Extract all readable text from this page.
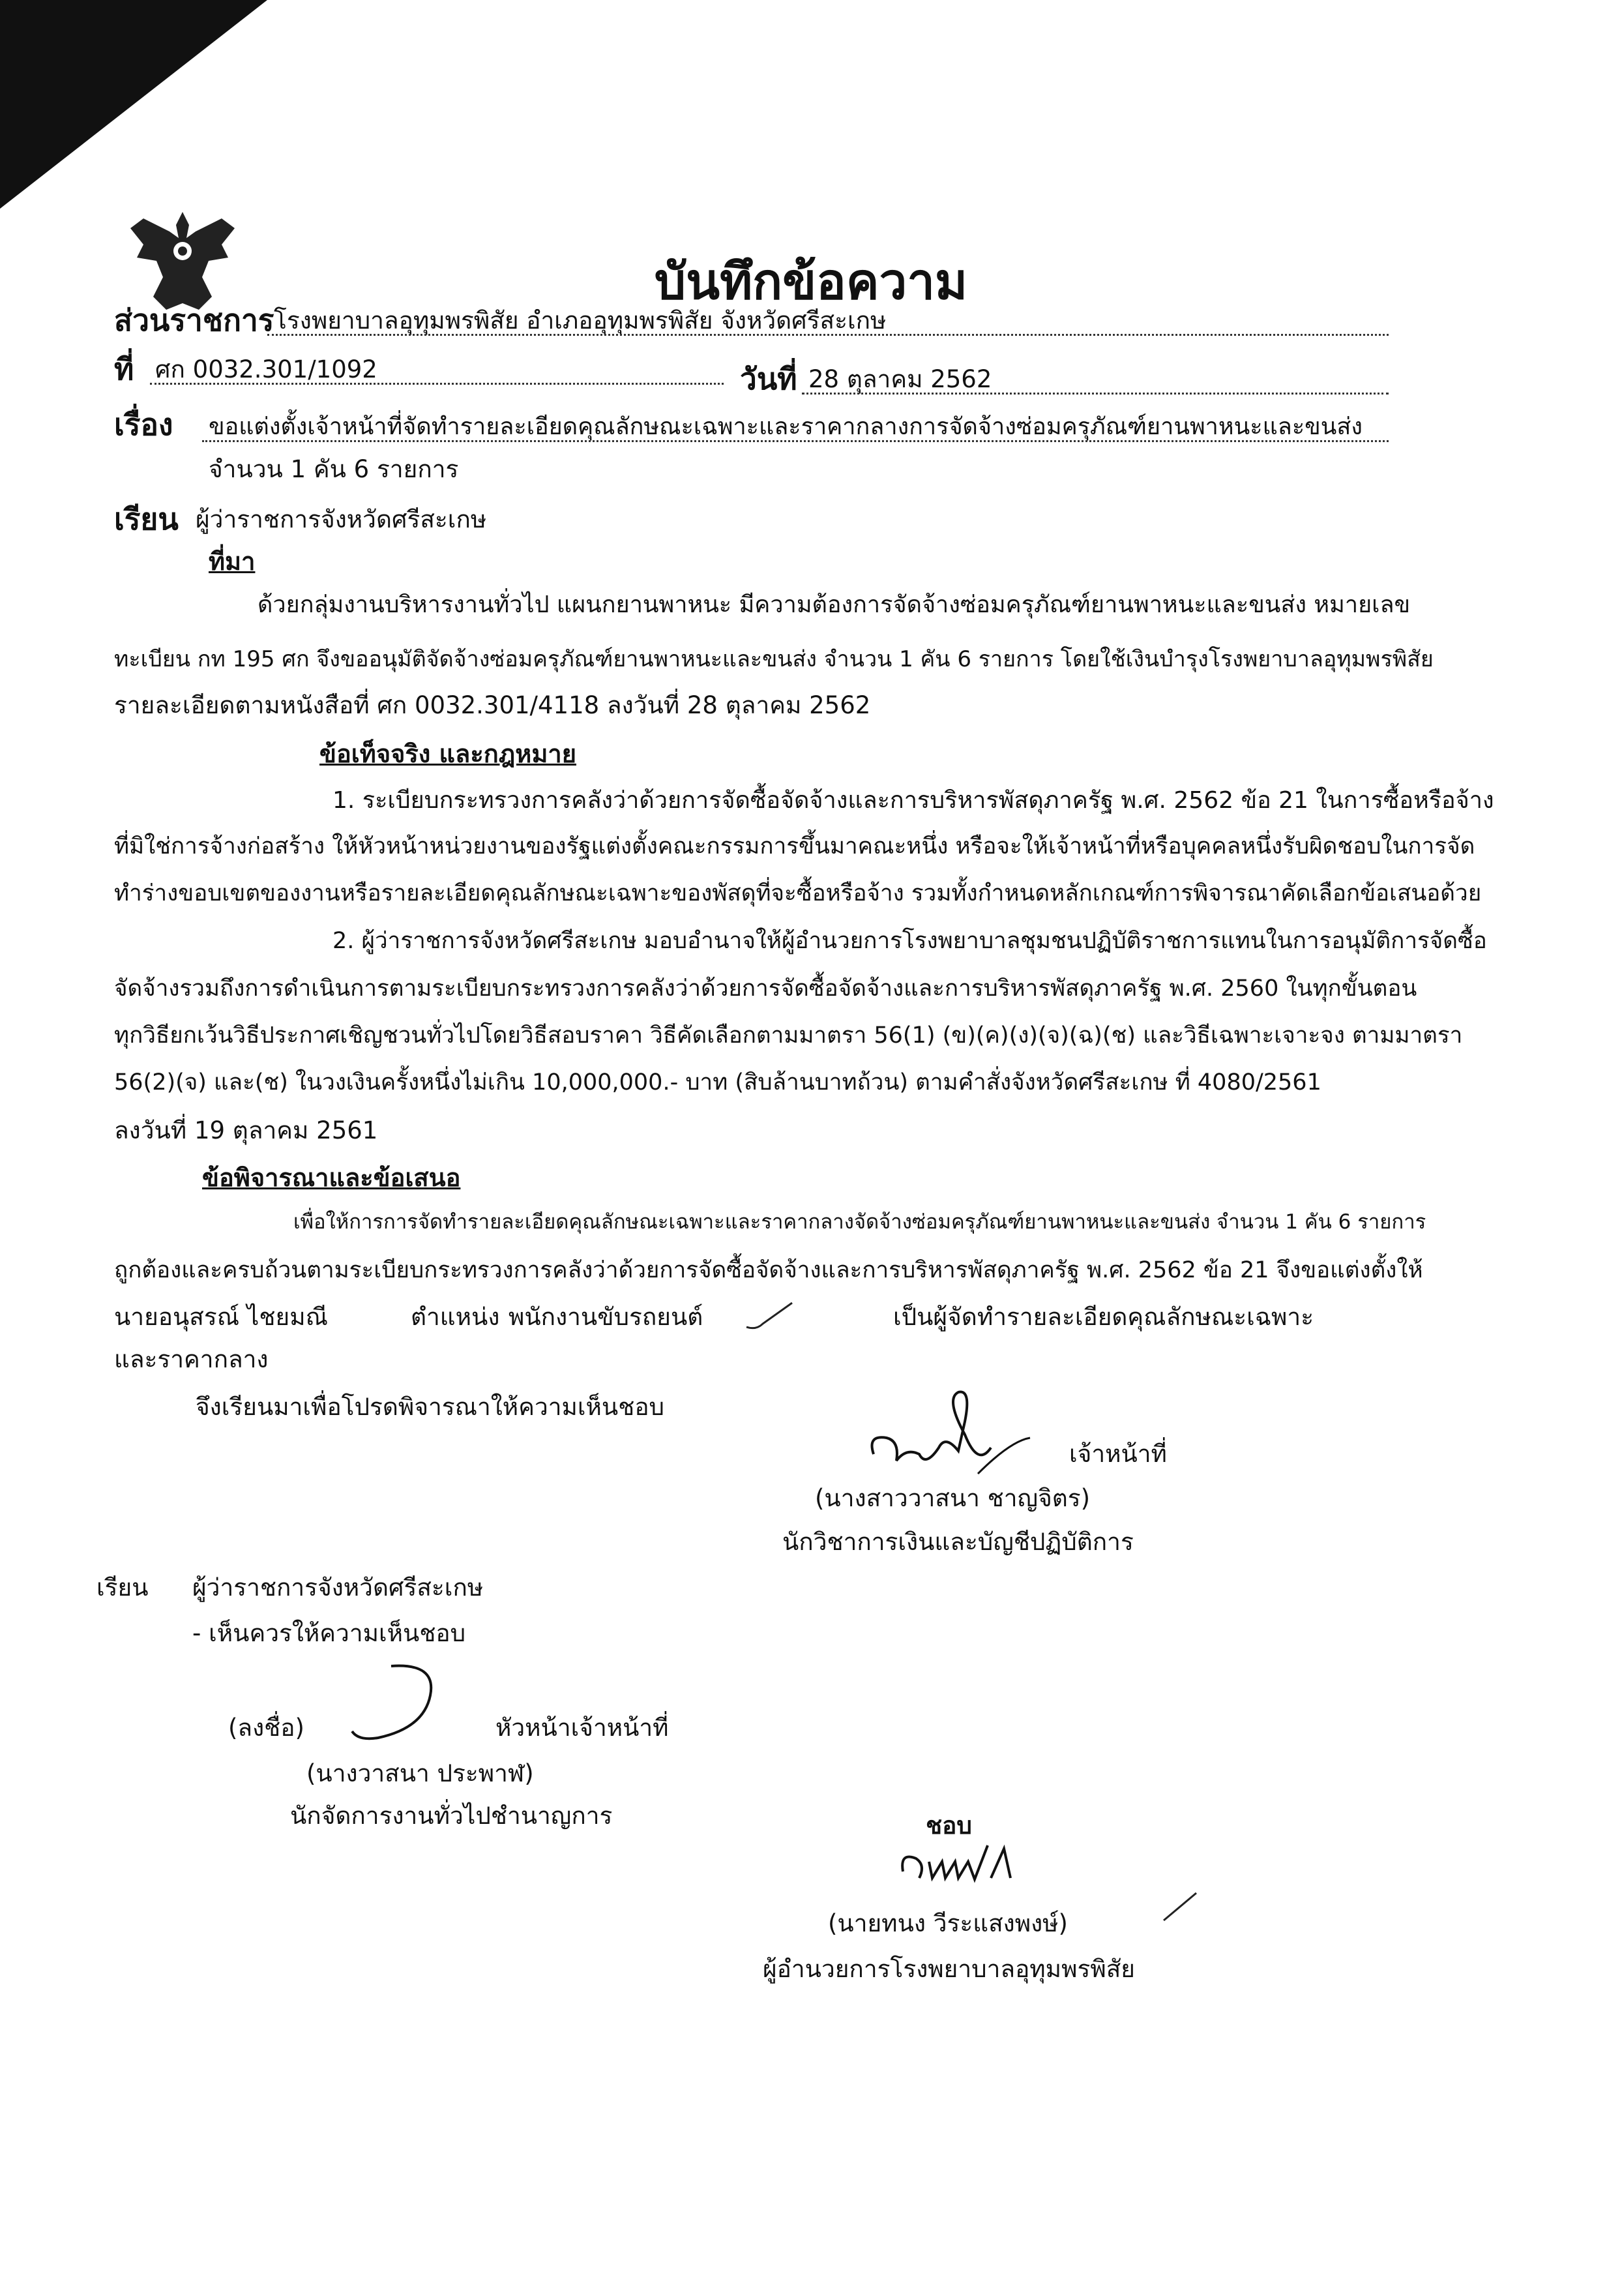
บันทึกข้อความ
ส่วนราชการ โรงพยาบาลอุทุมพรพิสัย อำเภออุทุมพรพิสัย จังหวัดศรีสะเกษ
ที่ ศก 0032.301/1092	วันที่ 28 ตุลาคม 2562
เรื่อง ขอแต่งตั้งเจ้าหน้าที่จัดทำรายละเอียดคุณลักษณะเฉพาะและราคากลางการจัดจ้างซ่อมครุภัณฑ์ยานพาหนะและขนส่ง
จำนวน 1 คัน 6 รายการ
เรียน ผู้ว่าราชการจังหวัดศรีสะเกษ
ที่มา
ด้วยกลุ่มงานบริหารงานทั่วไป แผนกยานพาหนะ มีความต้องการจัดจ้างซ่อมครุภัณฑ์ยานพาหนะและขนส่ง หมายเลข
ทะเบียน กท 195 ศก จึงขออนุมัติจัดจ้างซ่อมครุภัณฑ์ยานพาหนะและขนส่ง จำนวน 1 คัน 6 รายการ โดยใช้เงินบำรุงโรงพยาบาลอุทุมพรพิสัย
รายละเอียดตามหนังสือที่ ศก 0032.301/4118 ลงวันที่ 28 ตุลาคม 2562
ข้อเท็จจริง และกฎหมาย
1. ระเบียบกระทรวงการคลังว่าด้วยการจัดซื้อจัดจ้างและการบริหารพัสดุภาครัฐ พ.ศ. 2562 ข้อ 21 ในการซื้อหรือจ้าง
ที่มิใช่การจ้างก่อสร้าง ให้หัวหน้าหน่วยงานของรัฐแต่งตั้งคณะกรรมการขึ้นมาคณะหนึ่ง หรือจะให้เจ้าหน้าที่หรือบุคคลหนึ่งรับผิดชอบในการจัด
ทำร่างขอบเขตของงานหรือรายละเอียดคุณลักษณะเฉพาะของพัสดุที่จะซื้อหรือจ้าง รวมทั้งกำหนดหลักเกณฑ์การพิจารณาคัดเลือกข้อเสนอด้วย
2. ผู้ว่าราชการจังหวัดศรีสะเกษ มอบอำนาจให้ผู้อำนวยการโรงพยาบาลชุมชนปฏิบัติราชการแทนในการอนุมัติการจัดซื้อ
จัดจ้างรวมถึงการดำเนินการตามระเบียบกระทรวงการคลังว่าด้วยการจัดซื้อจัดจ้างและการบริหารพัสดุภาครัฐ พ.ศ. 2560 ในทุกขั้นตอน
ทุกวิธียกเว้นวิธีประกาศเชิญชวนทั่วไปโดยวิธีสอบราคา วิธีคัดเลือกตามมาตรา 56(1) (ข)(ค)(ง)(จ)(ฉ)(ช) และวิธีเฉพาะเจาะจง ตามมาตรา
56(2)(จ) และ(ช) ในวงเงินครั้งหนึ่งไม่เกิน 10,000,000.- บาท (สิบล้านบาทถ้วน) ตามคำสั่งจังหวัดศรีสะเกษ ที่ 4080/2561
ลงวันที่ 19 ตุลาคม 2561
ข้อพิจารณาและข้อเสนอ
เพื่อให้การการจัดทำรายละเอียดคุณลักษณะเฉพาะและราคากลางจัดจ้างซ่อมครุภัณฑ์ยานพาหนะและขนส่ง จำนวน 1 คัน 6 รายการ
ถูกต้องและครบถ้วนตามระเบียบกระทรวงการคลังว่าด้วยการจัดซื้อจัดจ้างและการบริหารพัสดุภาครัฐ พ.ศ. 2562 ข้อ 21 จึงขอแต่งตั้งให้
นายอนุสรณ์ ไชยมณี	ตำแหน่ง พนักงานขับรถยนต์	เป็นผู้จัดทำรายละเอียดคุณลักษณะเฉพาะ
และราคากลาง
จึงเรียนมาเพื่อโปรดพิจารณาให้ความเห็นชอบ
เจ้าหน้าที่
(นางสาววาสนา ชาญจิตร)
นักวิชาการเงินและบัญชีปฏิบัติการ
เรียน ผู้ว่าราชการจังหวัดศรีสะเกษ
- เห็นควรให้ความเห็นชอบ
(ลงชื่อ)	หัวหน้าเจ้าหน้าที่
(นางวาสนา ประพาฬ)
นักจัดการงานทั่วไปชำนาญการ	ชอบ
(นายทนง วีระแสงพงษ์)
ผู้อำนวยการโรงพยาบาลอุทุมพรพิสัย
